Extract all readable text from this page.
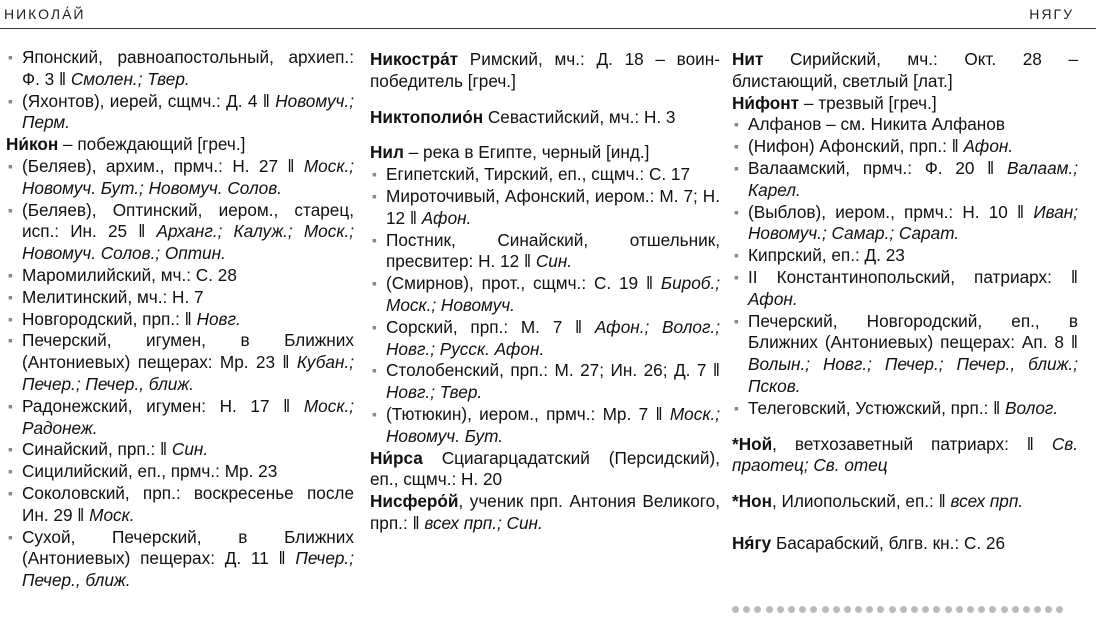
НИКОЛА́Й	НЯГУ
▪ Японский, равноапостольный, архиеп.: Ф. 3 ‖ Смолен.; Твер.
▪ (Яхонтов), иерей, сщмч.: Д. 4 ‖ Новомуч.; Перм.
Ни́кон – побеждающий [греч.]
▪ (Беляев), архим., прмч.: Н. 27 ‖ Моск.; Новомуч. Бут.; Новомуч. Солов.
▪ (Беляев), Оптинский, иером., старец, исп.: Ин. 25 ‖ Арханг.; Калуж.; Моск.; Новомуч. Солов.; Оптин.
▪ Маромилийский, мч.: С. 28
▪ Мелитинский, мч.: Н. 7
▪ Новгородский, прп.: ‖ Новг.
▪ Печерский, игумен, в Ближних (Антониевых) пещерах: Мр. 23 ‖ Кубан.; Печер.; Печер., ближ.
▪ Радонежский, игумен: Н. 17 ‖ Моск.; Радонеж.
▪ Синайский, прп.: ‖ Син.
▪ Сицилийский, еп., прмч.: Мр. 23
▪ Соколовский, прп.: воскресенье после Ин. 29 ‖ Моск.
▪ Сухой, Печерский, в Ближних (Антониевых) пещерах: Д. 11 ‖ Печер.; Печер., ближ.
Никостра́т Римский, мч.: Д. 18 – воин-победитель [греч.]
Никтополио́н Севастийский, мч.: Н. 3
Нил – река в Египте, черный [инд.]
▪ Египетский, Тирский, еп., сщмч.: С. 17
▪ Мироточивый, Афонский, иером.: М. 7; Н. 12 ‖ Афон.
▪ Постник, Синайский, отшельник, пресвитер: Н. 12 ‖ Син.
▪ (Смирнов), прот., сщмч.: С. 19 ‖ Бироб.; Моск.; Новомуч.
▪ Сорский, прп.: М. 7 ‖ Афон.; Волог.; Новг.; Русск. Афон.
▪ Столобенский, прп.: М. 27; Ин. 26; Д. 7 ‖ Новг.; Твер.
▪ (Тютюкин), иером., прмч.: Мр. 7 ‖ Моск.; Новомуч. Бут.
Ни́рса Сциагарцадатский (Персидский), еп., сщмч.: Н. 20
Нисферо́й, ученик прп. Антония Великого, прп.: ‖ всех прп.; Син.
Нит Сирийский, мч.: Окт. 28 – блистающий, светлый [лат.]
Ни́фонт – трезвый [греч.]
▪ Алфанов – см. Никита Алфанов
▪ (Нифон) Афонский, прп.: ‖ Афон.
▪ Валаамский, прмч.: Ф. 20 ‖ Валаам.; Карел.
▪ (Выблов), иером., прмч.: Н. 10 ‖ Иван; Новомуч.; Самар.; Сарат.
▪ Кипрский, еп.: Д. 23
▪ II Константинопольский, патриарх: ‖ Афон.
▪ Печерский, Новгородский, еп., в Ближних (Антониевых) пещерах: Ап. 8 ‖ Волын.; Новг.; Печер.; Печер., ближ.; Псков.
▪ Телеговский, Устюжский, прп.: ‖ Волог.
*Ной, ветхозаветный патриарх: ‖ Св. праотец; Св. отец
*Нон, Илиопольский, еп.: ‖ всех прп.
Ня́гу Басарабский, блгв. кн.: С. 26
